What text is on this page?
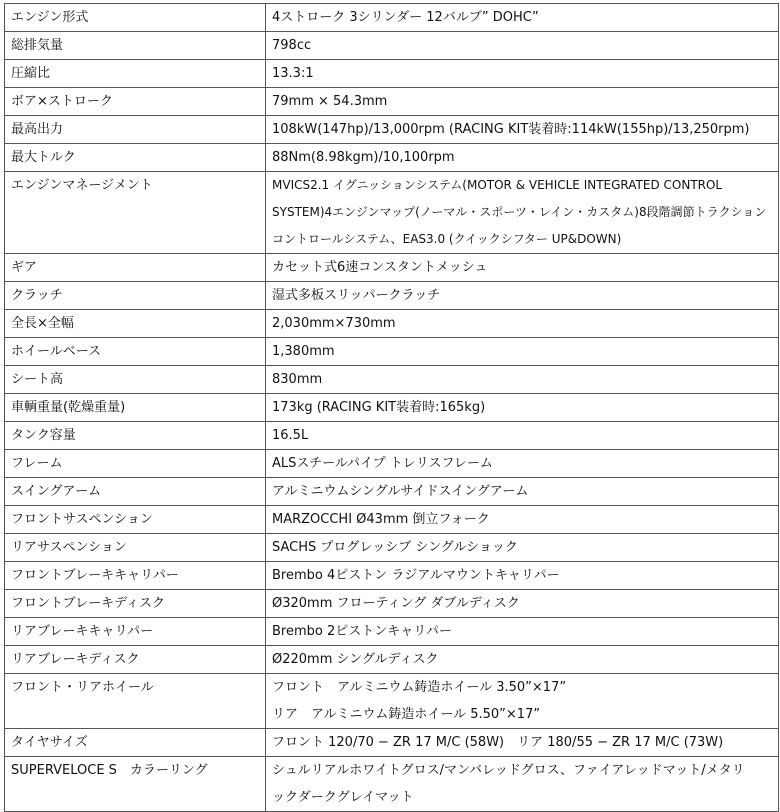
エンジン形式	4ストローク 3シリンダー 12バルブ” DOHC”
総排気量	798cc
圧縮比	13.3:1
ボア×ストローク	79mm × 54.3mm
最高出力	108kW(147hp)/13,000rpm (RACING KIT装着時:114kW(155hp)/13,250rpm)
最大トルク	88Nm(8.98kgm)/10,100rpm
エンジンマネージメント	MVICS2.1 イグニッションシステム(MOTOR & VEHICLE INTEGRATED CONTROL
SYSTEM)4エンジンマップ(ノーマル・スポーツ・レイン・カスタム)8段階調節トラクション
コントロールシステム、EAS3.0 (クイックシフター UP&DOWN)
ギア	カセット式6速コンスタントメッシュ
クラッチ	湿式多板スリッパークラッチ
全長×全幅	2,030mm×730mm
ホイールベース	1,380mm
シート高	830mm
車輌重量(乾燥重量)	173kg (RACING KIT装着時:165kg)
タンク容量	16.5L
フレーム	ALSスチールパイプ トレリスフレーム
スイングアーム	アルミニウムシングルサイドスイングアーム
フロントサスペンション	MARZOCCHI Ø43mm 倒立フォーク
リアサスペンション	SACHS プログレッシブ シングルショック
フロントブレーキキャリパー	Brembo 4ピストン ラジアルマウントキャリパー
フロントブレーキディスク	Ø320mm フローティング ダブルディスク
リアブレーキキャリパー	Brembo 2ピストンキャリパー
リアブレーキディスク	Ø220mm シングルディスク
フロント・リアホイール	フロント　アルミニウム鋳造ホイール 3.50”×17”
リア　アルミニウム鋳造ホイール 5.50”×17”
タイヤサイズ	フロント 120/70 − ZR 17 M/C (58W)　リア 180/55 − ZR 17 M/C (73W)
SUPERVELOCE S　カラーリング	シュルリアルホワイトグロス/マンバレッドグロス、ファイアレッドマット/メタリ
ックダークグレイマット
